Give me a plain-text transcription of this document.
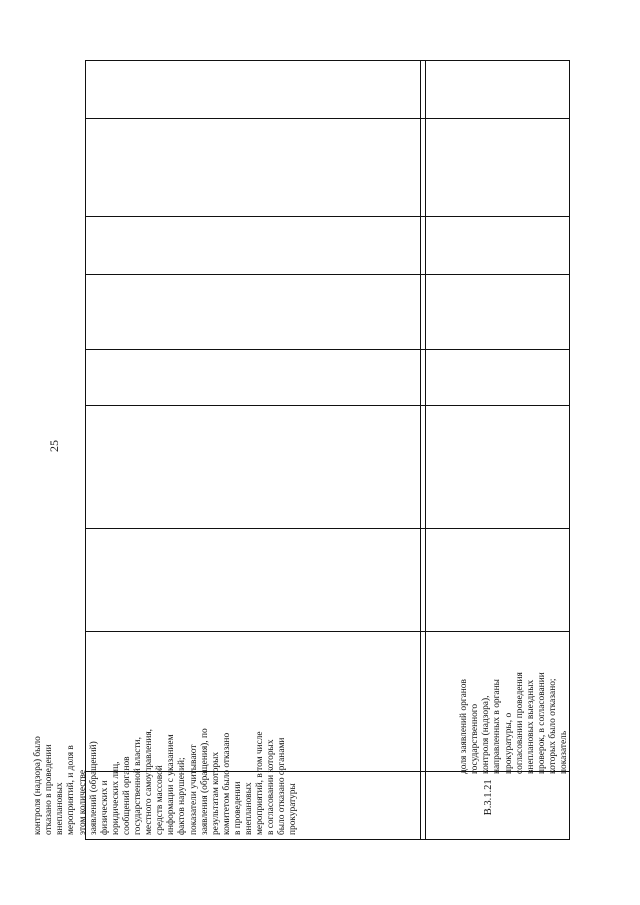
25

контроля (надзора) было отказано в проведении внеплановых мероприятий, и доля в этом количестве заявлений (обращений) физических и юридических лиц, сообщений органов государственной власти, местного самоуправления, средств массовой информации с указанием фактов нарушений; показатели учитывают заявления (обращения), по результатам которых комитетом было отказано в проведении внеплановых мероприятий, в том числе в согласовании которых было отказано органами прокуратуры

	В.3.1.21

доля заявлений органов государственного контроля (надзора), направленных в органы прокуратуры, о согласовании проведения внеплановых выездных проверок, в согласовании которых было отказано; показатель
